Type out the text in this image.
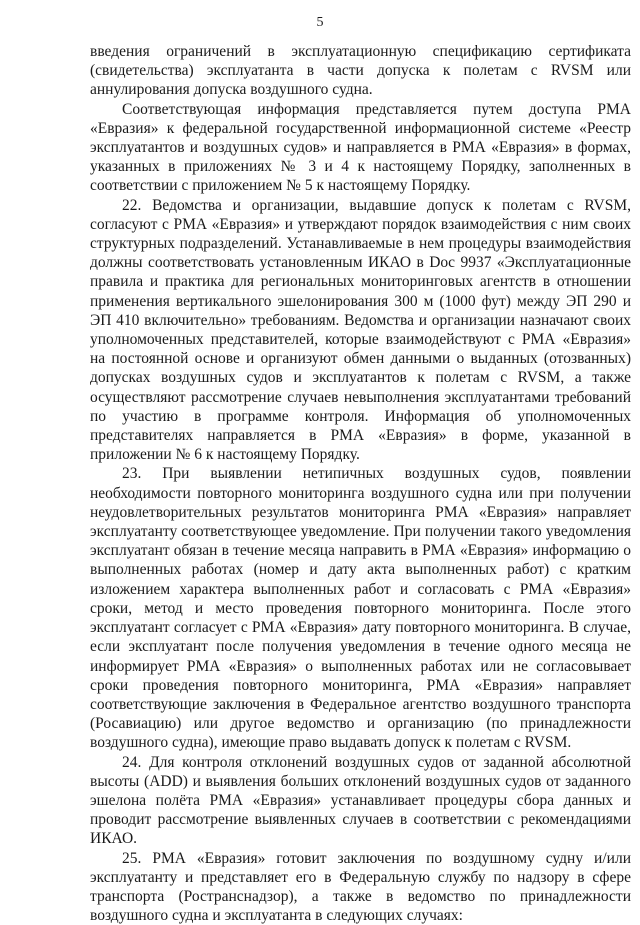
5

введения ограничений в эксплуатационную спецификацию сертификата (свидетельства) эксплуатанта в части допуска к полетам с RVSM или аннулирования допуска воздушного судна.

Соответствующая информация представляется путем доступа РМА «Евразия» к федеральной государственной информационной системе «Реестр эксплуатантов и воздушных судов» и направляется в РМА «Евразия» в формах, указанных в приложениях № 3 и 4 к настоящему Порядку, заполненных в соответствии с приложением № 5 к настоящему Порядку.

22. Ведомства и организации, выдавшие допуск к полетам с RVSM, согласуют с РМА «Евразия» и утверждают порядок взаимодействия с ним своих структурных подразделений. Устанавливаемые в нем процедуры взаимодействия должны соответствовать установленным ИКАО в Doc 9937 «Эксплуатационные правила и практика для региональных мониторинговых агентств в отношении применения вертикального эшелонирования 300 м (1000 фут) между ЭП 290 и ЭП 410 включительно» требованиям. Ведомства и организации назначают своих уполномоченных представителей, которые взаимодействуют с РМА «Евразия» на постоянной основе и организуют обмен данными о выданных (отозванных) допусках воздушных судов и эксплуатантов к полетам с RVSM, а также осуществляют рассмотрение случаев невыполнения эксплуатантами требований по участию в программе контроля. Информация об уполномоченных представителях направляется в РМА «Евразия» в форме, указанной в приложении № 6 к настоящему Порядку.

23. При выявлении нетипичных воздушных судов, появлении необходимости повторного мониторинга воздушного судна или при получении неудовлетворительных результатов мониторинга РМА «Евразия» направляет эксплуатанту соответствующее уведомление. При получении такого уведомления эксплуатант обязан в течение месяца направить в РМА «Евразия» информацию о выполненных работах (номер и дату акта выполненных работ) с кратким изложением характера выполненных работ и согласовать с РМА «Евразия» сроки, метод и место проведения повторного мониторинга. После этого эксплуатант согласует с РМА «Евразия» дату повторного мониторинга. В случае, если эксплуатант после получения уведомления в течение одного месяца не информирует РМА «Евразия» о выполненных работах или не согласовывает сроки проведения повторного мониторинга, РМА «Евразия» направляет соответствующие заключения в Федеральное агентство воздушного транспорта (Росавиацию) или другое ведомство и организацию (по принадлежности воздушного судна), имеющие право выдавать допуск к полетам с RVSM.

24. Для контроля отклонений воздушных судов от заданной абсолютной высоты (ADD) и выявления больших отклонений воздушных судов от заданного эшелона полёта РМА «Евразия» устанавливает процедуры сбора данных и проводит рассмотрение выявленных случаев в соответствии с рекомендациями ИКАО.

25. РМА «Евразия» готовит заключения по воздушному судну и/или эксплуатанту и представляет его в Федеральную службу по надзору в сфере транспорта (Ространснадзор), а также в ведомство по принадлежности воздушного судна и эксплуатанта в следующих случаях:
